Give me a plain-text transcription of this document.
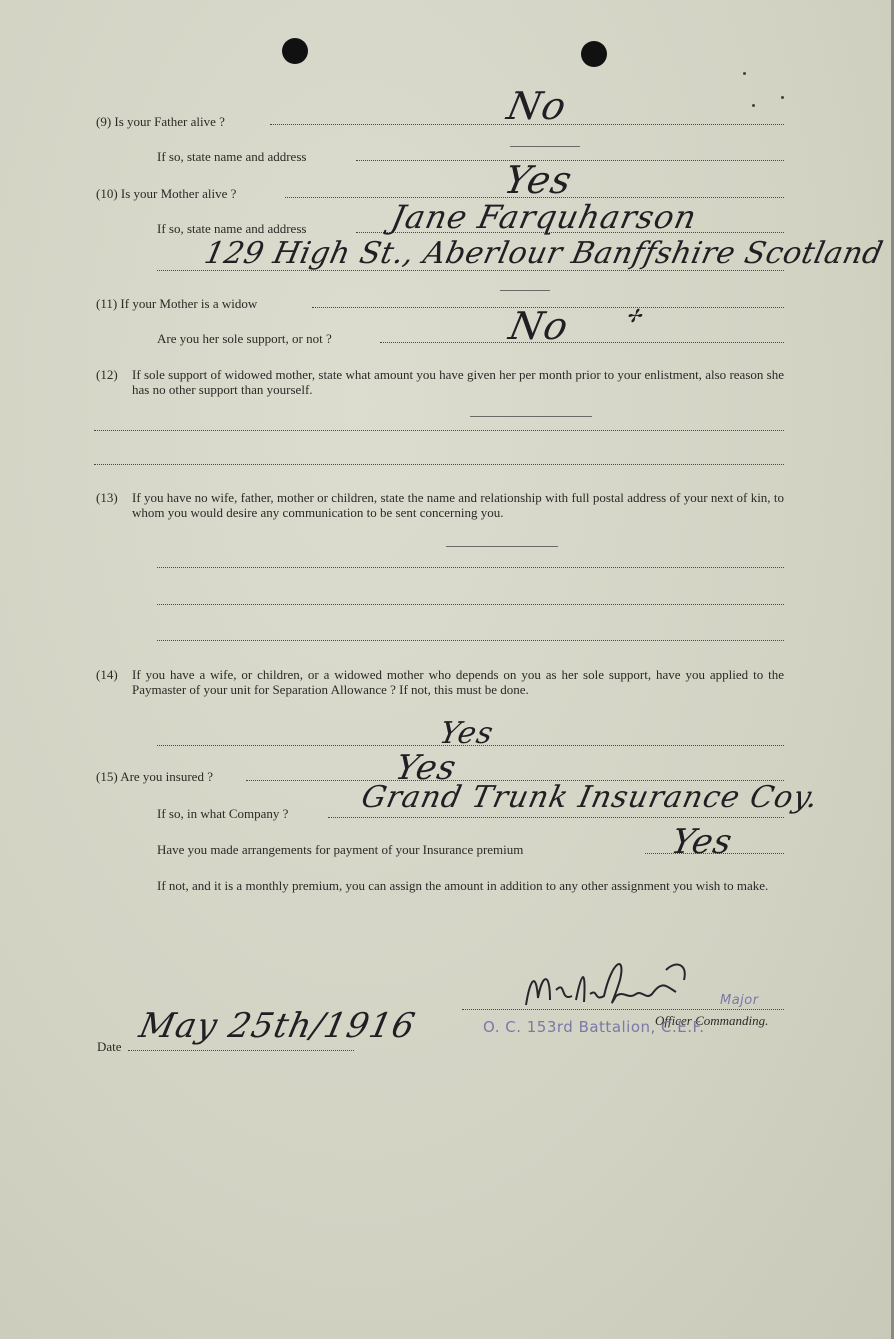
(9) Is your Father alive ?	No
If so, state name and address
(10) Is your Mother alive ?	Yes
If so, state name and address	Jane Farquharson
129 High St., Aberlour Banffshire Scotland
(11) If your Mother is a widow
Are you her sole support, or not ?	No	✢
(12) If sole support of widowed mother, state what amount you have given her per month prior to your enlistment, also reason she has no other support than yourself.
(13) If you have no wife, father, mother or children, state the name and relationship with full postal address of your next of kin, to whom you would desire any communication to be sent concerning you.
(14) If you have a wife, or children, or a widowed mother who depends on you as her sole support, have you applied to the Paymaster of your unit for Separation Allowance ? If not, this must be done.
Yes
(15) Are you insured ?	Yes
If so, in what Company ? Grand Trunk Insurance Coy.
Have you made arrangements for payment of your Insurance premium	Yes
If not, and it is a monthly premium, you can assign the amount in addition to any other assignment you wish to make.
Major
Officer Commanding.
O. C. 153rd Battalion, C.E.F.
Date
May 25th/1916
